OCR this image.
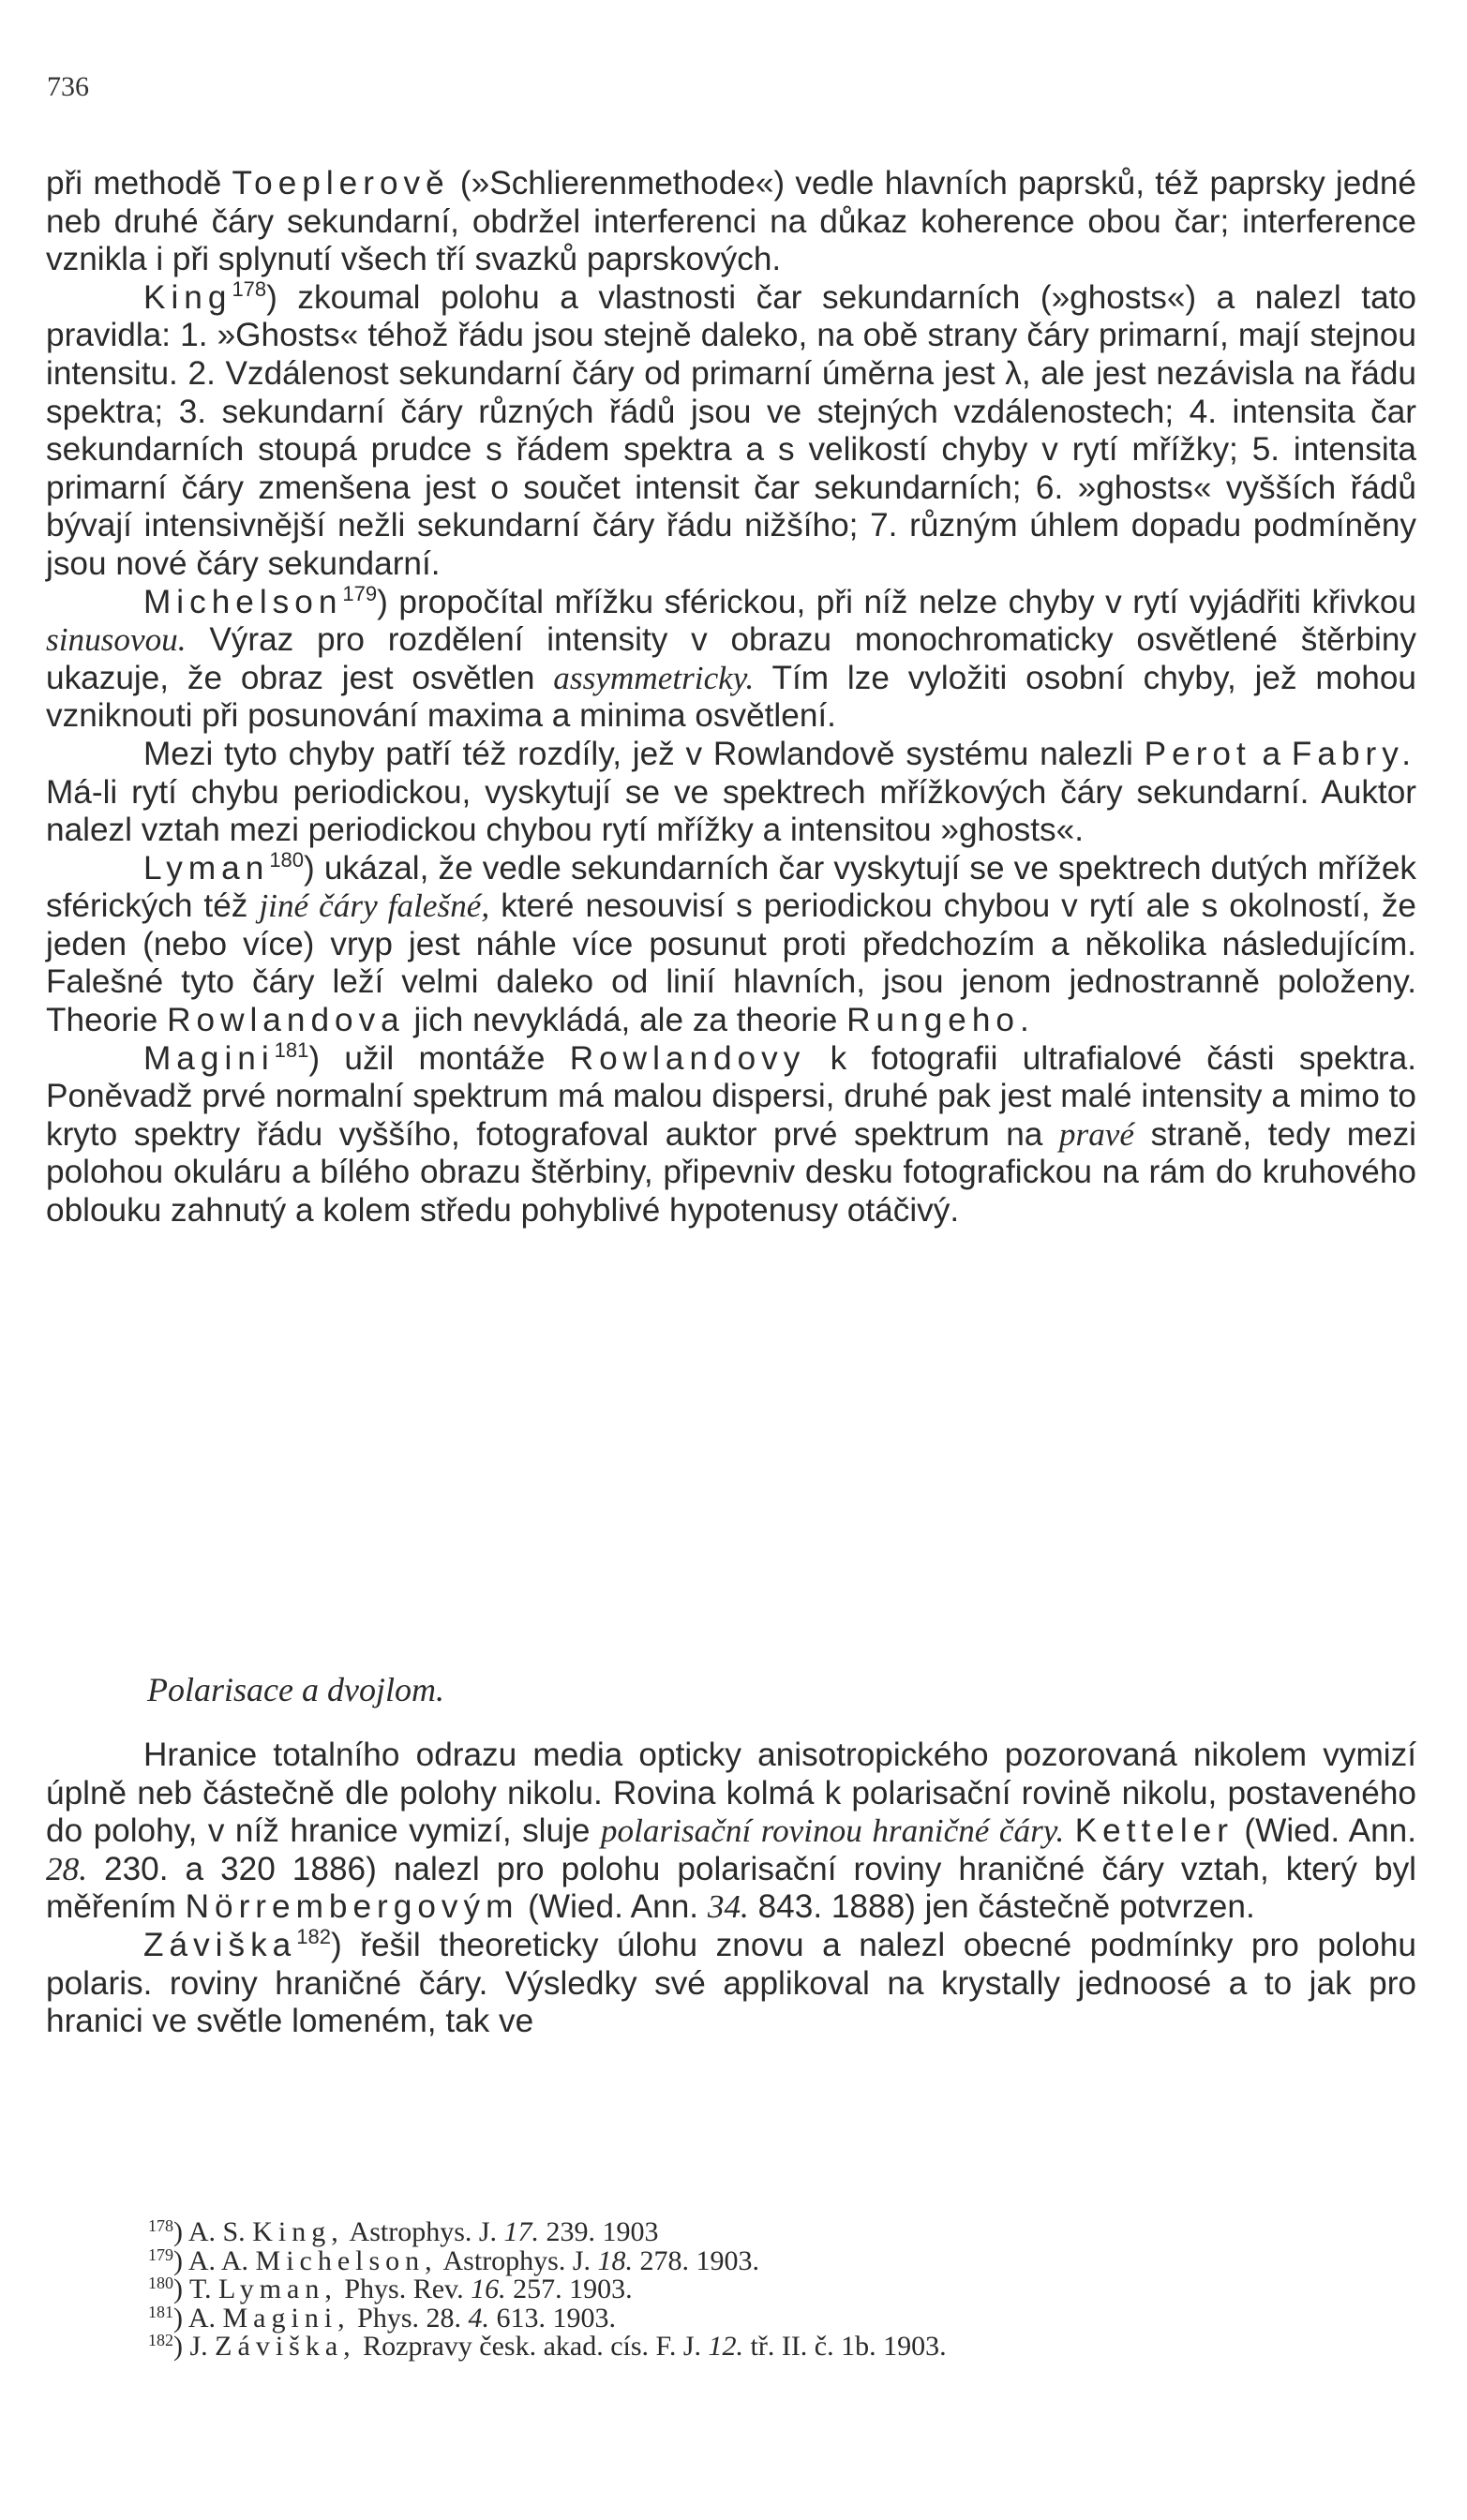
736

při methodě Toeplerově (»Schlierenmethode«) vedle hlavních paprsků, též paprsky jedné neb druhé čáry sekundarní, obdržel interferenci na důkaz koherence obou čar; interference vznikla i při splynutí všech tří svazků paprskových.

King$^{178}$) zkoumal polohu a vlastnosti čar sekundarních (»ghosts«) a nalezl tato pravidla: 1. »Ghosts« téhož řádu jsou stejně daleko, na obě strany čáry primarní, mají stejnou intensitu. 2. Vzdálenost sekundarní čáry od primarní úměrna jest λ, ale jest nezávisla na řádu spektra; 3. sekundarní čáry různých řádů jsou ve stejných vzdálenostech; 4. intensita čar sekundarních stoupá prudce s řádem spektra a s velikostí chyby v rytí mřížky; 5. intensita primarní čáry zmenšena jest o součet intensit čar sekundarních; 6. »ghosts« vyšších řádů bývají intensivnější nežli sekundarní čáry řádu nižšího; 7. různým úhlem dopadu podmíněny jsou nové čáry sekundarní.

Michelson$^{179}$) propočítal mřížku sférickou, při níž nelze chyby v rytí vyjádřiti křivkou sinusovou. Výraz pro rozdělení intensity v obrazu monochromaticky osvětlené štěrbiny ukazuje, že obraz jest osvětlen assymmetricky. Tím lze vyložiti osobní chyby, jež mohou vzniknouti při posunování maxima a minima osvětlení.

Mezi tyto chyby patří též rozdíly, jež v Rowlandově systému nalezli Perot a Fabry. Má-li rytí chybu periodickou, vyskytují se ve spektrech mřížkových čáry sekundarní. Auktor nalezl vztah mezi periodickou chybou rytí mřížky a intensitou »ghosts«.

Lyman$^{180}$) ukázal, že vedle sekundarních čar vyskytují se ve spektrech dutých mřížek sférických též jiné čáry falešné, které nesouvisí s periodickou chybou v rytí ale s okolností, že jeden (nebo více) vryp jest náhle více posunut proti předchozím a několika následujícím. Falešné tyto čáry leží velmi daleko od linií hlavních, jsou jenom jednostranně položeny. Theorie Rowlandova jich nevykládá, ale za theorie Rungeho.

Magini$^{181}$) užil montáže Rowlandovy k fotografii ultrafialové části spektra. Poněvadž prvé normalní spektrum má malou dispersi, druhé pak jest malé intensity a mimo to kryto spektry řádu vyššího, fotografoval auktor prvé spektrum na pravé straně, tedy mezi polohou okuláru a bílého obrazu štěrbiny, připevniv desku fotografickou na rám do kruhového oblouku zahnutý a kolem středu pohyblivé hypotenusy otáčivý.

Polarisace a dvojlom.

Hranice totalního odrazu media opticky anisotropického pozorovaná nikolem vymizí úplně neb částečně dle polohy nikolu. Rovina kolmá k polarisační rovině nikolu, postaveného do polohy, v níž hranice vymizí, sluje polarisační rovinou hraničné čáry. Ketteler (Wied. Ann. 28. 230. a 320 1886) nalezl pro polohu polarisační roviny hraničné čáry vztah, který byl měřením Nörrembergovým (Wied. Ann. 34. 843. 1888) jen částečně potvrzen.

Záviška$^{182}$) řešil theoreticky úlohu znovu a nalezl obecné podmínky pro polohu polaris. roviny hraničné čáry. Výsledky své applikoval na krystally jednoosé a to jak pro hranici ve světle lomeném, tak ve

$^{178}$) A. S. King, Astrophys. J. 17. 239. 1903
$^{179}$) A. A. Michelson, Astrophys. J. 18. 278. 1903.
$^{180}$) T. Lyman, Phys. Rev. 16. 257. 1903.
$^{181}$) A. Magini, Phys. 28. 4. 613. 1903.
$^{182}$) J. Záviška, Rozpravy česk. akad. cís. F. J. 12. tř. II. č. 1b. 1903.
